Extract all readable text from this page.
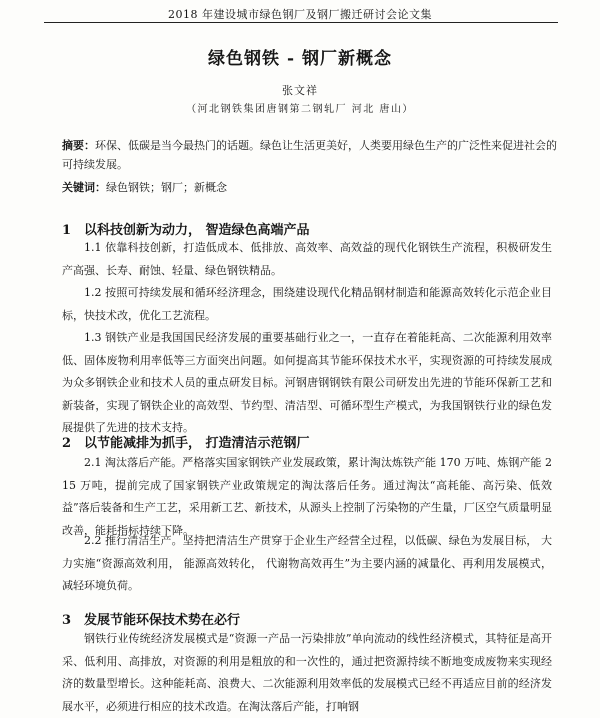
2018 年建设城市绿色钢厂及钢厂搬迁研讨会论文集
绿色钢铁 - 钢厂新概念
张文祥
（河北钢铁集团唐钢第二钢轧厂 河北 唐山）
摘要：环保、低碳是当今最热门的话题。绿色让生活更美好，人类要用绿色生产的广泛性来促进社会的可持续发展。
关键词：绿色钢铁；钢厂；新概念
1 以科技创新为动力， 智造绿色高端产品

1.1 依靠科技创新，打造低成本、低排放、高效率、高效益的现代化钢铁生产流程，积极研发生产高强、长寿、耐蚀、轻量、绿色钢铁精品。

1.2 按照可持续发展和循环经济理念，围绕建设现代化精品钢材制造和能源高效转化示范企业目标，快技术改，优化工艺流程。

1.3 钢铁产业是我国国民经济发展的重要基础行业之一，一直存在着能耗高、二次能源利用效率低、固体废物利用率低等三方面突出问题。如何提高其节能环保技术水平，实现资源的可持续发展成为众多钢铁企业和技术人员的重点研发目标。河钢唐钢钢铁有限公司研发出先进的节能环保新工艺和新装备，实现了钢铁企业的高效型、节约型、清洁型、可循环型生产模式，为我国钢铁行业的绿色发展提供了先进的技术支持。

2 以节能减排为抓手， 打造清洁示范钢厂

2.1 淘汰落后产能。严格落实国家钢铁产业发展政策，累计淘汰炼铁产能 170 万吨、炼钢产能 215 万吨，提前完成了国家钢铁产业政策规定的淘汰落后任务。通过淘汰“高耗能、高污染、低效益”落后装备和生产工艺，采用新工艺、新技术，从源头上控制了污染物的产生量，厂区空气质量明显改善，能耗指标持续下降。

2.2 推行清洁生产。坚持把清洁生产贯穿于企业生产经营全过程，以低碳、绿色为发展目标， 大力实施“资源高效利用， 能源高效转化， 代谢物高效再生”为主要内涵的减量化、再利用发展模式，减轻环境负荷。

3 发展节能环保技术势在必行

钢铁行业传统经济发展模式是“资源一产品一污染排放”单向流动的线性经济模式，其特征是高开采、低利用、高排放，对资源的利用是粗放的和一次性的，通过把资源持续不断地变成废物来实现经济的数量型增长。这种能耗高、浪费大、二次能源利用效率低的发展模式已经不再适应目前的经济发展水平，必须进行相应的技术改造。在淘汰落后产能，打响钢
